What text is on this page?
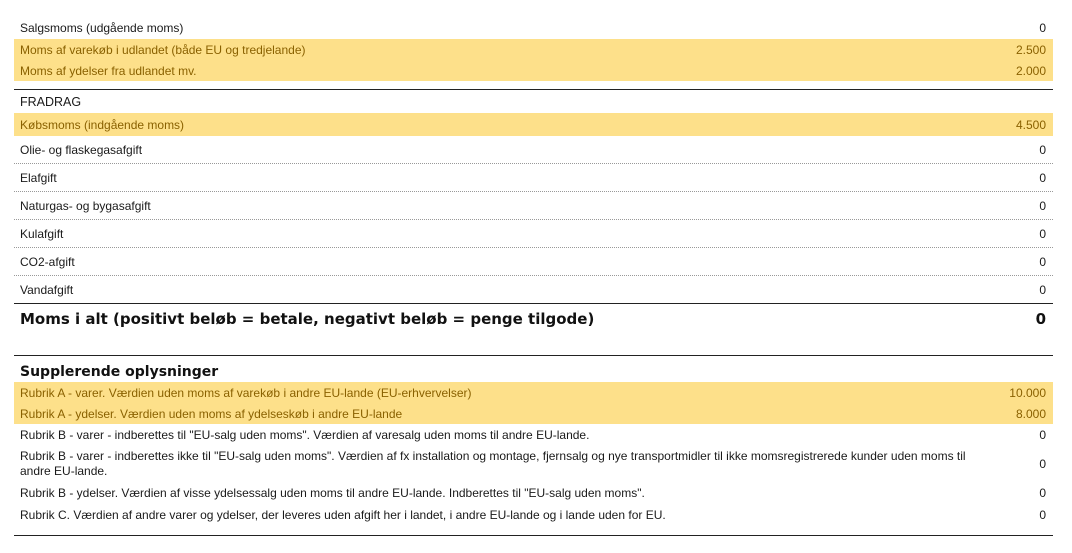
Salgsmoms (udgående moms)	0
Moms af varekøb i udlandet (både EU og tredjelande)	2.500
Moms af ydelser fra udlandet mv.	2.000
FRADRAG
Købsmoms (indgående moms)	4.500
Olie- og flaskegasafgift	0
Elafgift	0
Naturgas- og bygasafgift	0
Kulafgift	0
CO2-afgift	0
Vandafgift	0
Moms i alt (positivt beløb = betale, negativt beløb = penge tilgode)	0
Supplerende oplysninger
Rubrik A - varer. Værdien uden moms af varekøb i andre EU-lande (EU-erhvervelser)	10.000
Rubrik A - ydelser. Værdien uden moms af ydelseskøb i andre EU-lande	8.000
Rubrik B - varer - indberettes til "EU-salg uden moms". Værdien af varesalg uden moms til andre EU-lande.	0
Rubrik B - varer - indberettes ikke til "EU-salg uden moms". Værdien af fx installation og montage, fjernsalg og nye transportmidler til ikke momsregistrerede kunder uden moms til andre EU-lande.	0
Rubrik B - ydelser. Værdien af visse ydelsessalg uden moms til andre EU-lande. Indberettes til "EU-salg uden moms".	0
Rubrik C. Værdien af andre varer og ydelser, der leveres uden afgift her i landet, i andre EU-lande og i lande uden for EU.	0
